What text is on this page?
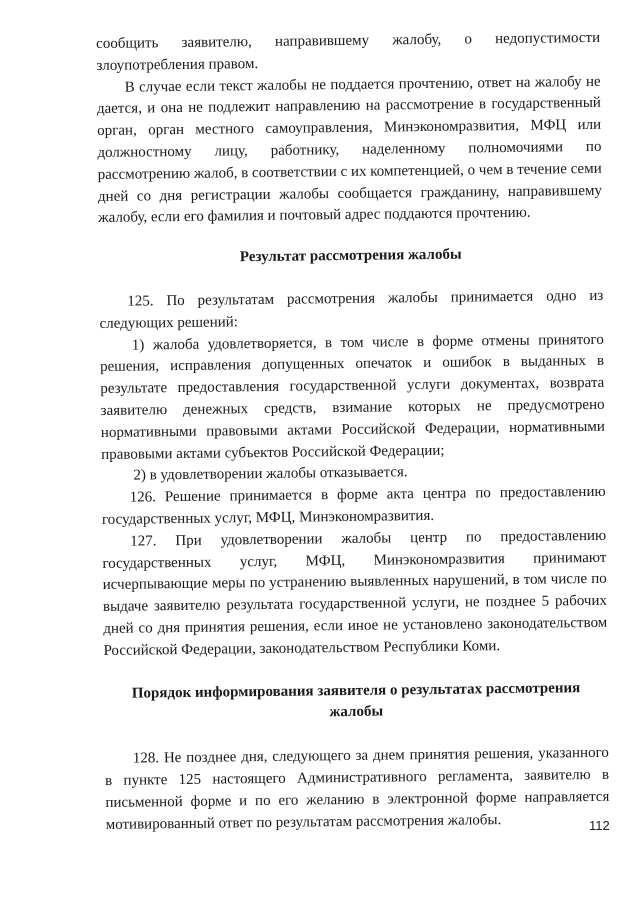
сообщить заявителю, направившему жалобу, о недопустимости злоупотребления правом.

В случае если текст жалобы не поддается прочтению, ответ на жалобу не дается, и она не подлежит направлению на рассмотрение в государственный орган, орган местного самоуправления, Минэкономразвития, МФЦ или должностному лицу, работнику, наделенному полномочиями по рассмотрению жалоб, в соответствии с их компетенцией, о чем в течение семи дней со дня регистрации жалобы сообщается гражданину, направившему жалобу, если его фамилия и почтовый адрес поддаются прочтению.

Результат рассмотрения жалобы

125. По результатам рассмотрения жалобы принимается одно из следующих решений:

1) жалоба удовлетворяется, в том числе в форме отмены принятого решения, исправления допущенных опечаток и ошибок в выданных в результате предоставления государственной услуги документах, возврата заявителю денежных средств, взимание которых не предусмотрено нормативными правовыми актами Российской Федерации, нормативными правовыми актами субъектов Российской Федерации;

2) в удовлетворении жалобы отказывается.

126. Решение принимается в форме акта центра по предоставлению государственных услуг, МФЦ, Минэкономразвития.

127. При удовлетворении жалобы центр по предоставлению государственных услуг, МФЦ, Минэкономразвития принимают исчерпывающие меры по устранению выявленных нарушений, в том числе по выдаче заявителю результата государственной услуги, не позднее 5 рабочих дней со дня принятия решения, если иное не установлено законодательством Российской Федерации, законодательством Республики Коми.

Порядок информирования заявителя о результатах рассмотрения
жалобы

128. Не позднее дня, следующего за днем принятия решения, указанного в пункте 125 настоящего Административного регламента, заявителю в письменной форме и по его желанию в электронной форме направляется мотивированный ответ по результатам рассмотрения жалобы.	112
